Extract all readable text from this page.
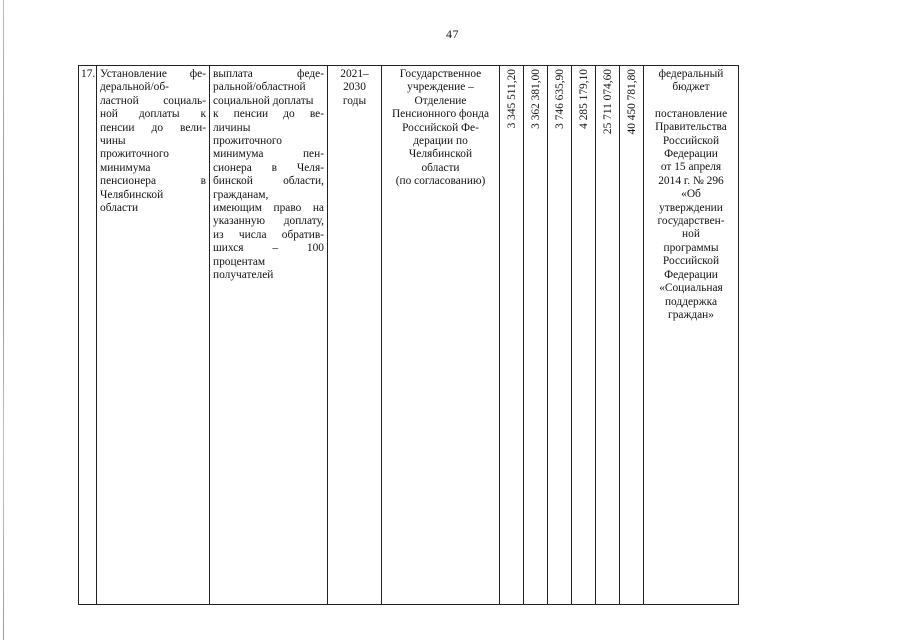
47
17.	Установление фе-
деральной/об-
ластной социаль-
ной доплаты к
пенсии до вели-
чины
прожиточного
минимума
пенсионера в
Челябинской
области

выплата феде-
ральной/областной
социальной доплаты
к пенсии до ве-
личины
прожиточного
минимума пен-
сионера в Челя-
бинской области,
гражданам,
имеющим право на
указанную доплату,
из числа обратив-
шихся – 100
процентам
получателей

2021–
2030
годы

Государственное
учреждение –
Отделение
Пенсионного фонда
Российской Фе-
дерации по
Челябинской
области
(по согласованию)

3 345 511,20	3 362 381,00	3 746 635,90	4 285 179,10	25 711 074,60	40 450 781,80	федеральный
бюджет
постановление
Правительства
Российской
Федерации
от 15 апреля
2014 г. № 296
«Об
утверждении
государствен-
ной
программы
Российской
Федерации
«Социальная
поддержка
граждан»
